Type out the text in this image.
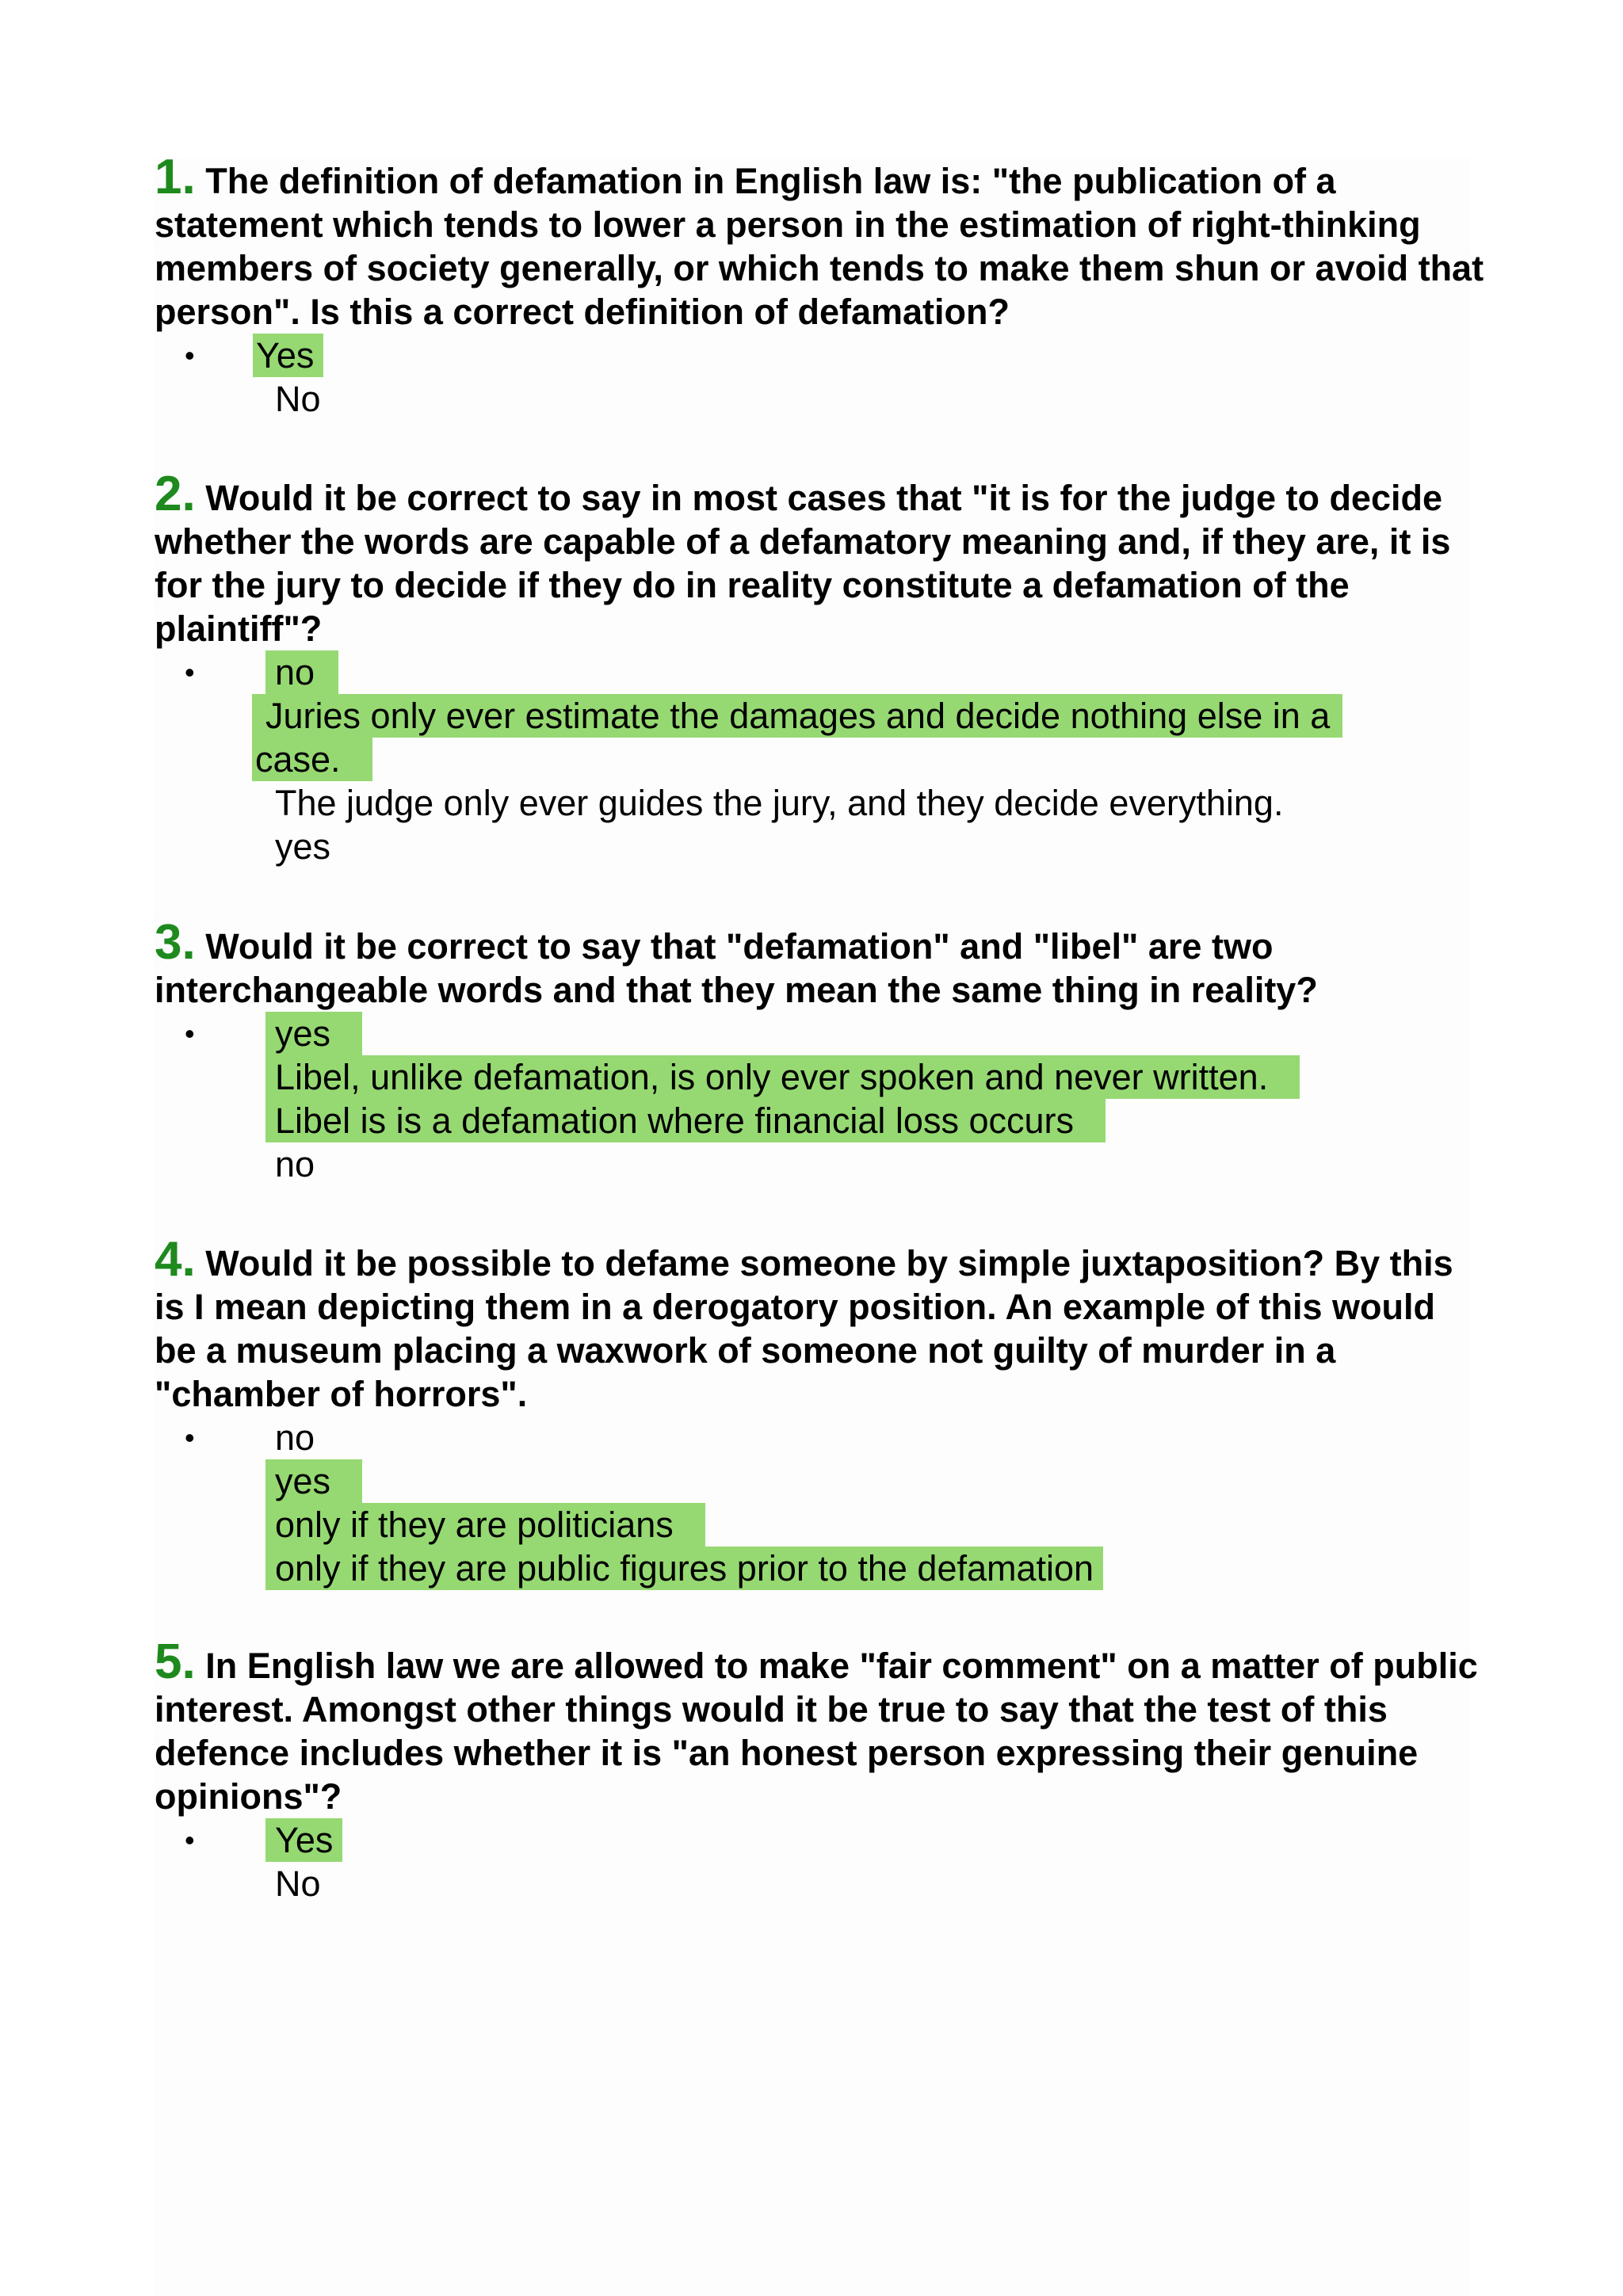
1. The definition of defamation in English law is: "the publication of a statement which tends to lower a person in the estimation of right-thinking members of society generally, or which tends to make them shun or avoid that person". Is this a correct definition of defamation?

• Yes
No

2. Would it be correct to say in most cases that "it is for the judge to decide whether the words are capable of a defamatory meaning and, if they are, it is for the jury to decide if they do in reality constitute a defamation of the plaintiff"?

• no
Juries only ever estimate the damages and decide nothing else in a
case.
The judge only ever guides the jury, and they decide everything.
yes

3. Would it be correct to say that "defamation" and "libel" are two interchangeable words and that they mean the same thing in reality?

• yes
Libel, unlike defamation, is only ever spoken and never written.
Libel is is a defamation where financial loss occurs
no

4. Would it be possible to defame someone by simple juxtaposition? By this is I mean depicting them in a derogatory position. An example of this would be a museum placing a waxwork of someone not guilty of murder in a "chamber of horrors".

• no
yes
only if they are politicians
only if they are public figures prior to the defamation

5. In English law we are allowed to make "fair comment" on a matter of public interest. Amongst other things would it be true to say that the test of this defence includes whether it is "an honest person expressing their genuine opinions"?

• Yes
No
